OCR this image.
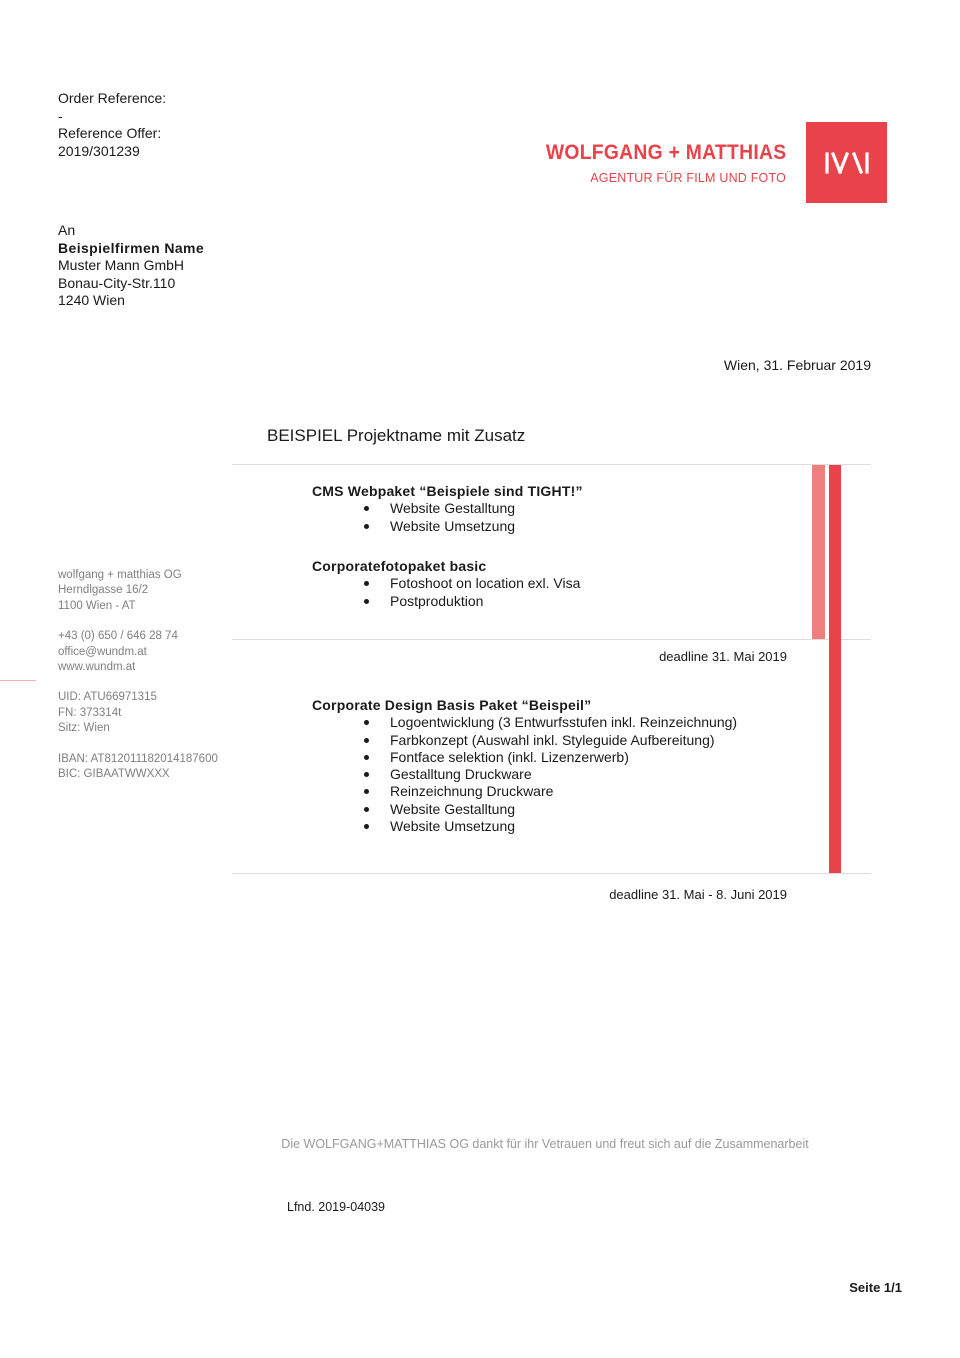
Order Reference:
-
Reference Offer:
2019/301239	WOLFGANG + MATTHIAS
AGENTUR FÜR FILM UND FOTO
An
Beispielfirmen Name
Muster Mann GmbH
Bonau-City-Str.110
1240 Wien
Wien, 31. Februar 2019
BEISPIEL Projektname mit Zusatz
CMS Webpaket “Beispiele sind TIGHT!”
Website Gestalltung
Website Umsetzung
Corporatefotopaket basic
Fotoshoot on location exl. Visa
Postproduktion
deadline 31. Mai 2019
Corporate Design Basis Paket “Beispeil”
Logoentwicklung (3 Entwurfsstufen inkl. Reinzeichnung)
Farbkonzept (Auswahl inkl. Styleguide Aufbereitung)
Fontface selektion (inkl. Lizenzerwerb)
Gestalltung Druckware
Reinzeichnung Druckware
Website Gestalltung
Website Umsetzung
deadline 31. Mai - 8. Juni 2019
wolfgang + matthias OG
Herndlgasse 16/2
1100 Wien - AT
+43 (0) 650 / 646 28 74
office@wundm.at
www.wundm.at
UID: ATU66971315
FN: 373314t
Sitz: Wien
IBAN: AT812011182014187600
BIC: GIBAATWWXXX
Die WOLFGANG+MATTHIAS OG dankt für ihr Vetrauen und freut sich auf die Zusammenarbeit
Lfnd. 2019-04039
Seite 1/1
